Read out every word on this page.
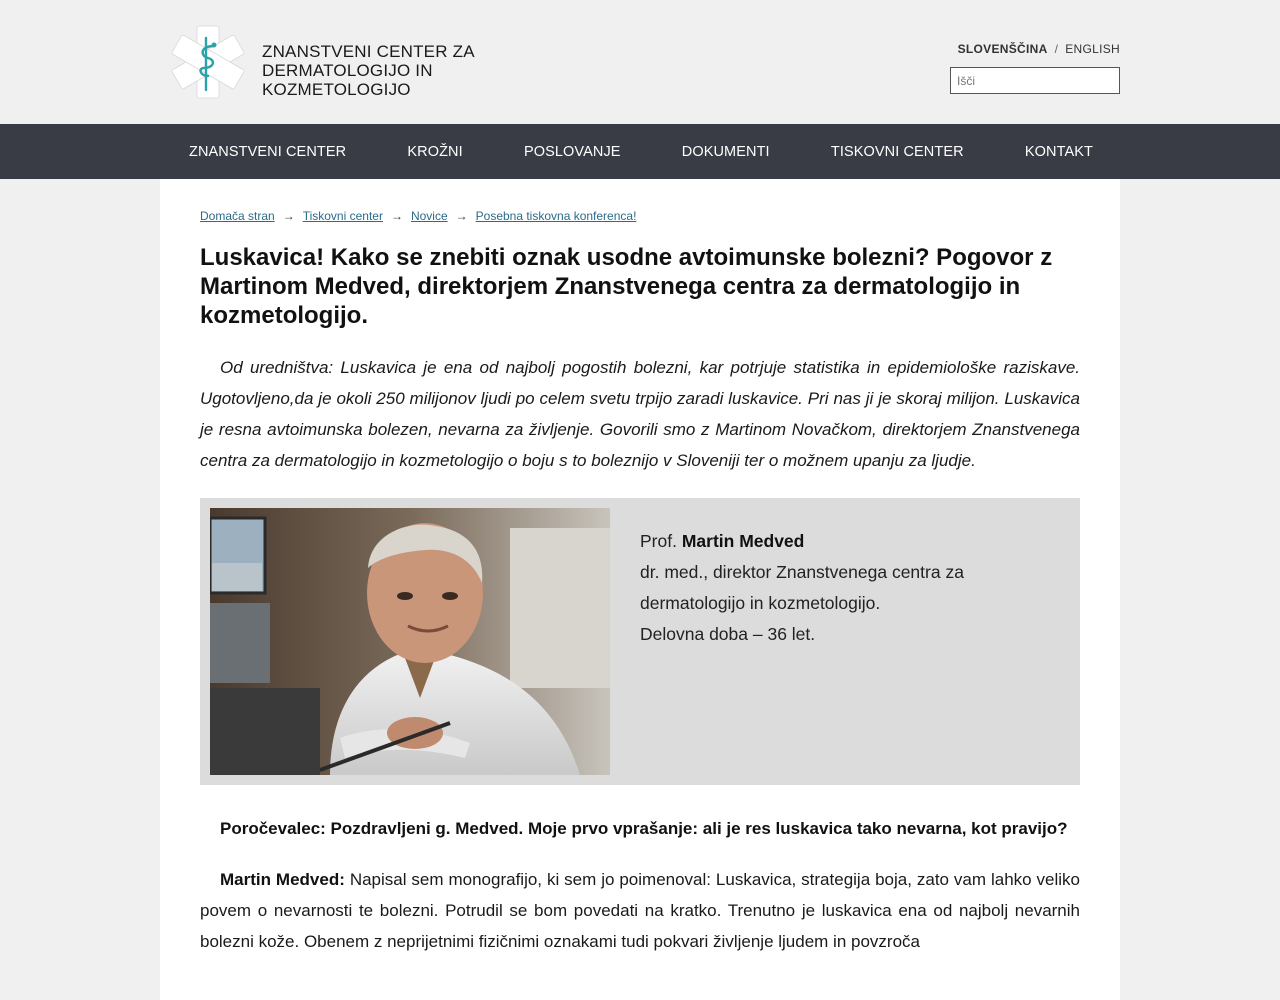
ZNANSTVENI CENTER ZA
DERMATOLOGIJO IN
KOZMETOLOGIJO
SLOVENŠČINA / ENGLISH
Išči
ZNANSTVENI CENTER	KROŽNI	POSLOVANJE	DOKUMENTI	TISKOVNI CENTER	KONTAKT
Domača stran → Tiskovni center → Novice → Posebna tiskovna konferenca!
Luskavica! Kako se znebiti oznak usodne avtoimunske bolezni? Pogovor z Martinom Medved, direktorjem Znanstvenega centra za dermatologijo in kozmetologijo.

Od uredništva: Luskavica je ena od najbolj pogostih bolezni, kar potrjuje statistika in epidemiološke raziskave. Ugotovljeno,da je okoli 250 milijonov ljudi po celem svetu trpijo zaradi luskavice. Pri nas ji je skoraj milijon. Luskavica je resna avtoimunska bolezen, nevarna za življenje. Govorili smo z Martinom Novačkom, direktorjem Znanstvenega centra za dermatologijo in kozmetologijo o boju s to boleznijo v Sloveniji ter o možnem upanju za ljudje.

Prof. Martin Medved
dr. med., direktor Znanstvenega centra za
dermatologijo in kozmetologijo.
Delovna doba – 36 let.

Poročevalec: Pozdravljeni g. Medved. Moje prvo vprašanje: ali je res luskavica tako nevarna, kot pravijo?

Martin Medved: Napisal sem monografijo, ki sem jo poimenoval: Luskavica, strategija boja, zato vam lahko veliko povem o nevarnosti te bolezni. Potrudil se bom povedati na kratko. Trenutno je luskavica ena od najbolj nevarnih bolezni kože. Obenem z neprijetnimi fizičnimi oznakami tudi pokvari življenje ljudem in povzroča
